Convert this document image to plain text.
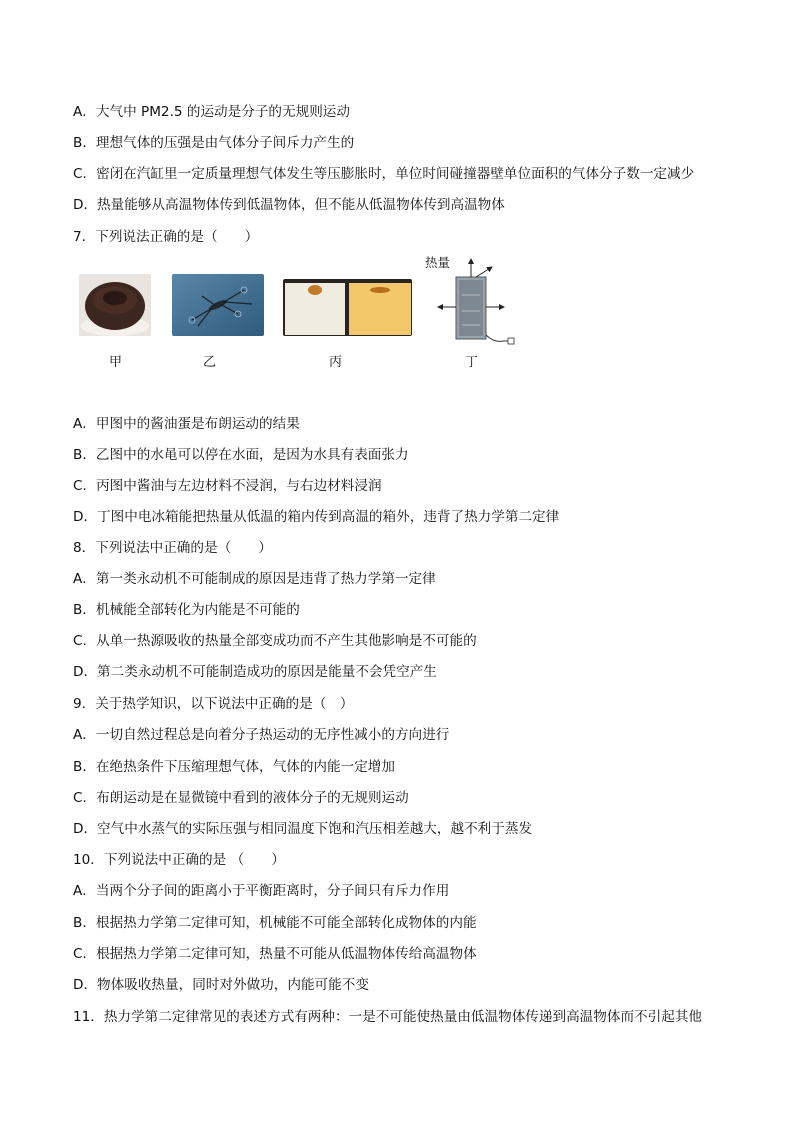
A．大气中 PM2.5 的运动是分子的无规则运动
B．理想气体的压强是由气体分子间斥力产生的
C．密闭在汽缸里一定质量理想气体发生等压膨胀时，单位时间碰撞器壁单位面积的气体分子数一定减少
D．热量能够从高温物体传到低温物体，但不能从低温物体传到高温物体
7．下列说法正确的是（　　）
热量
甲	乙	丙	丁
A．甲图中的酱油蛋是布朗运动的结果
B．乙图中的水黾可以停在水面，是因为水具有表面张力
C．丙图中酱油与左边材料不浸润，与右边材料浸润
D．丁图中电冰箱能把热量从低温的箱内传到高温的箱外，违背了热力学第二定律
8．下列说法中正确的是（　　）
A．第一类永动机不可能制成的原因是违背了热力学第一定律
B．机械能全部转化为内能是不可能的
C．从单一热源吸收的热量全部变成功而不产生其他影响是不可能的
D．第二类永动机不可能制造成功的原因是能量不会凭空产生
9．关于热学知识，以下说法中正确的是（　）
A．一切自然过程总是向着分子热运动的无序性减小的方向进行
B．在绝热条件下压缩理想气体，气体的内能一定增加
C．布朗运动是在显微镜中看到的液体分子的无规则运动
D．空气中水蒸气的实际压强与相同温度下饱和汽压相差越大，越不利于蒸发
10．下列说法中正确的是 （　　）
A．当两个分子间的距离小于平衡距离时，分子间只有斥力作用
B．根据热力学第二定律可知，机械能不可能全部转化成物体的内能
C．根据热力学第二定律可知，热量不可能从低温物体传给高温物体
D．物体吸收热量，同时对外做功，内能可能不变
11．热力学第二定律常见的表述方式有两种：一是不可能使热量由低温物体传递到高温物体而不引起其他
